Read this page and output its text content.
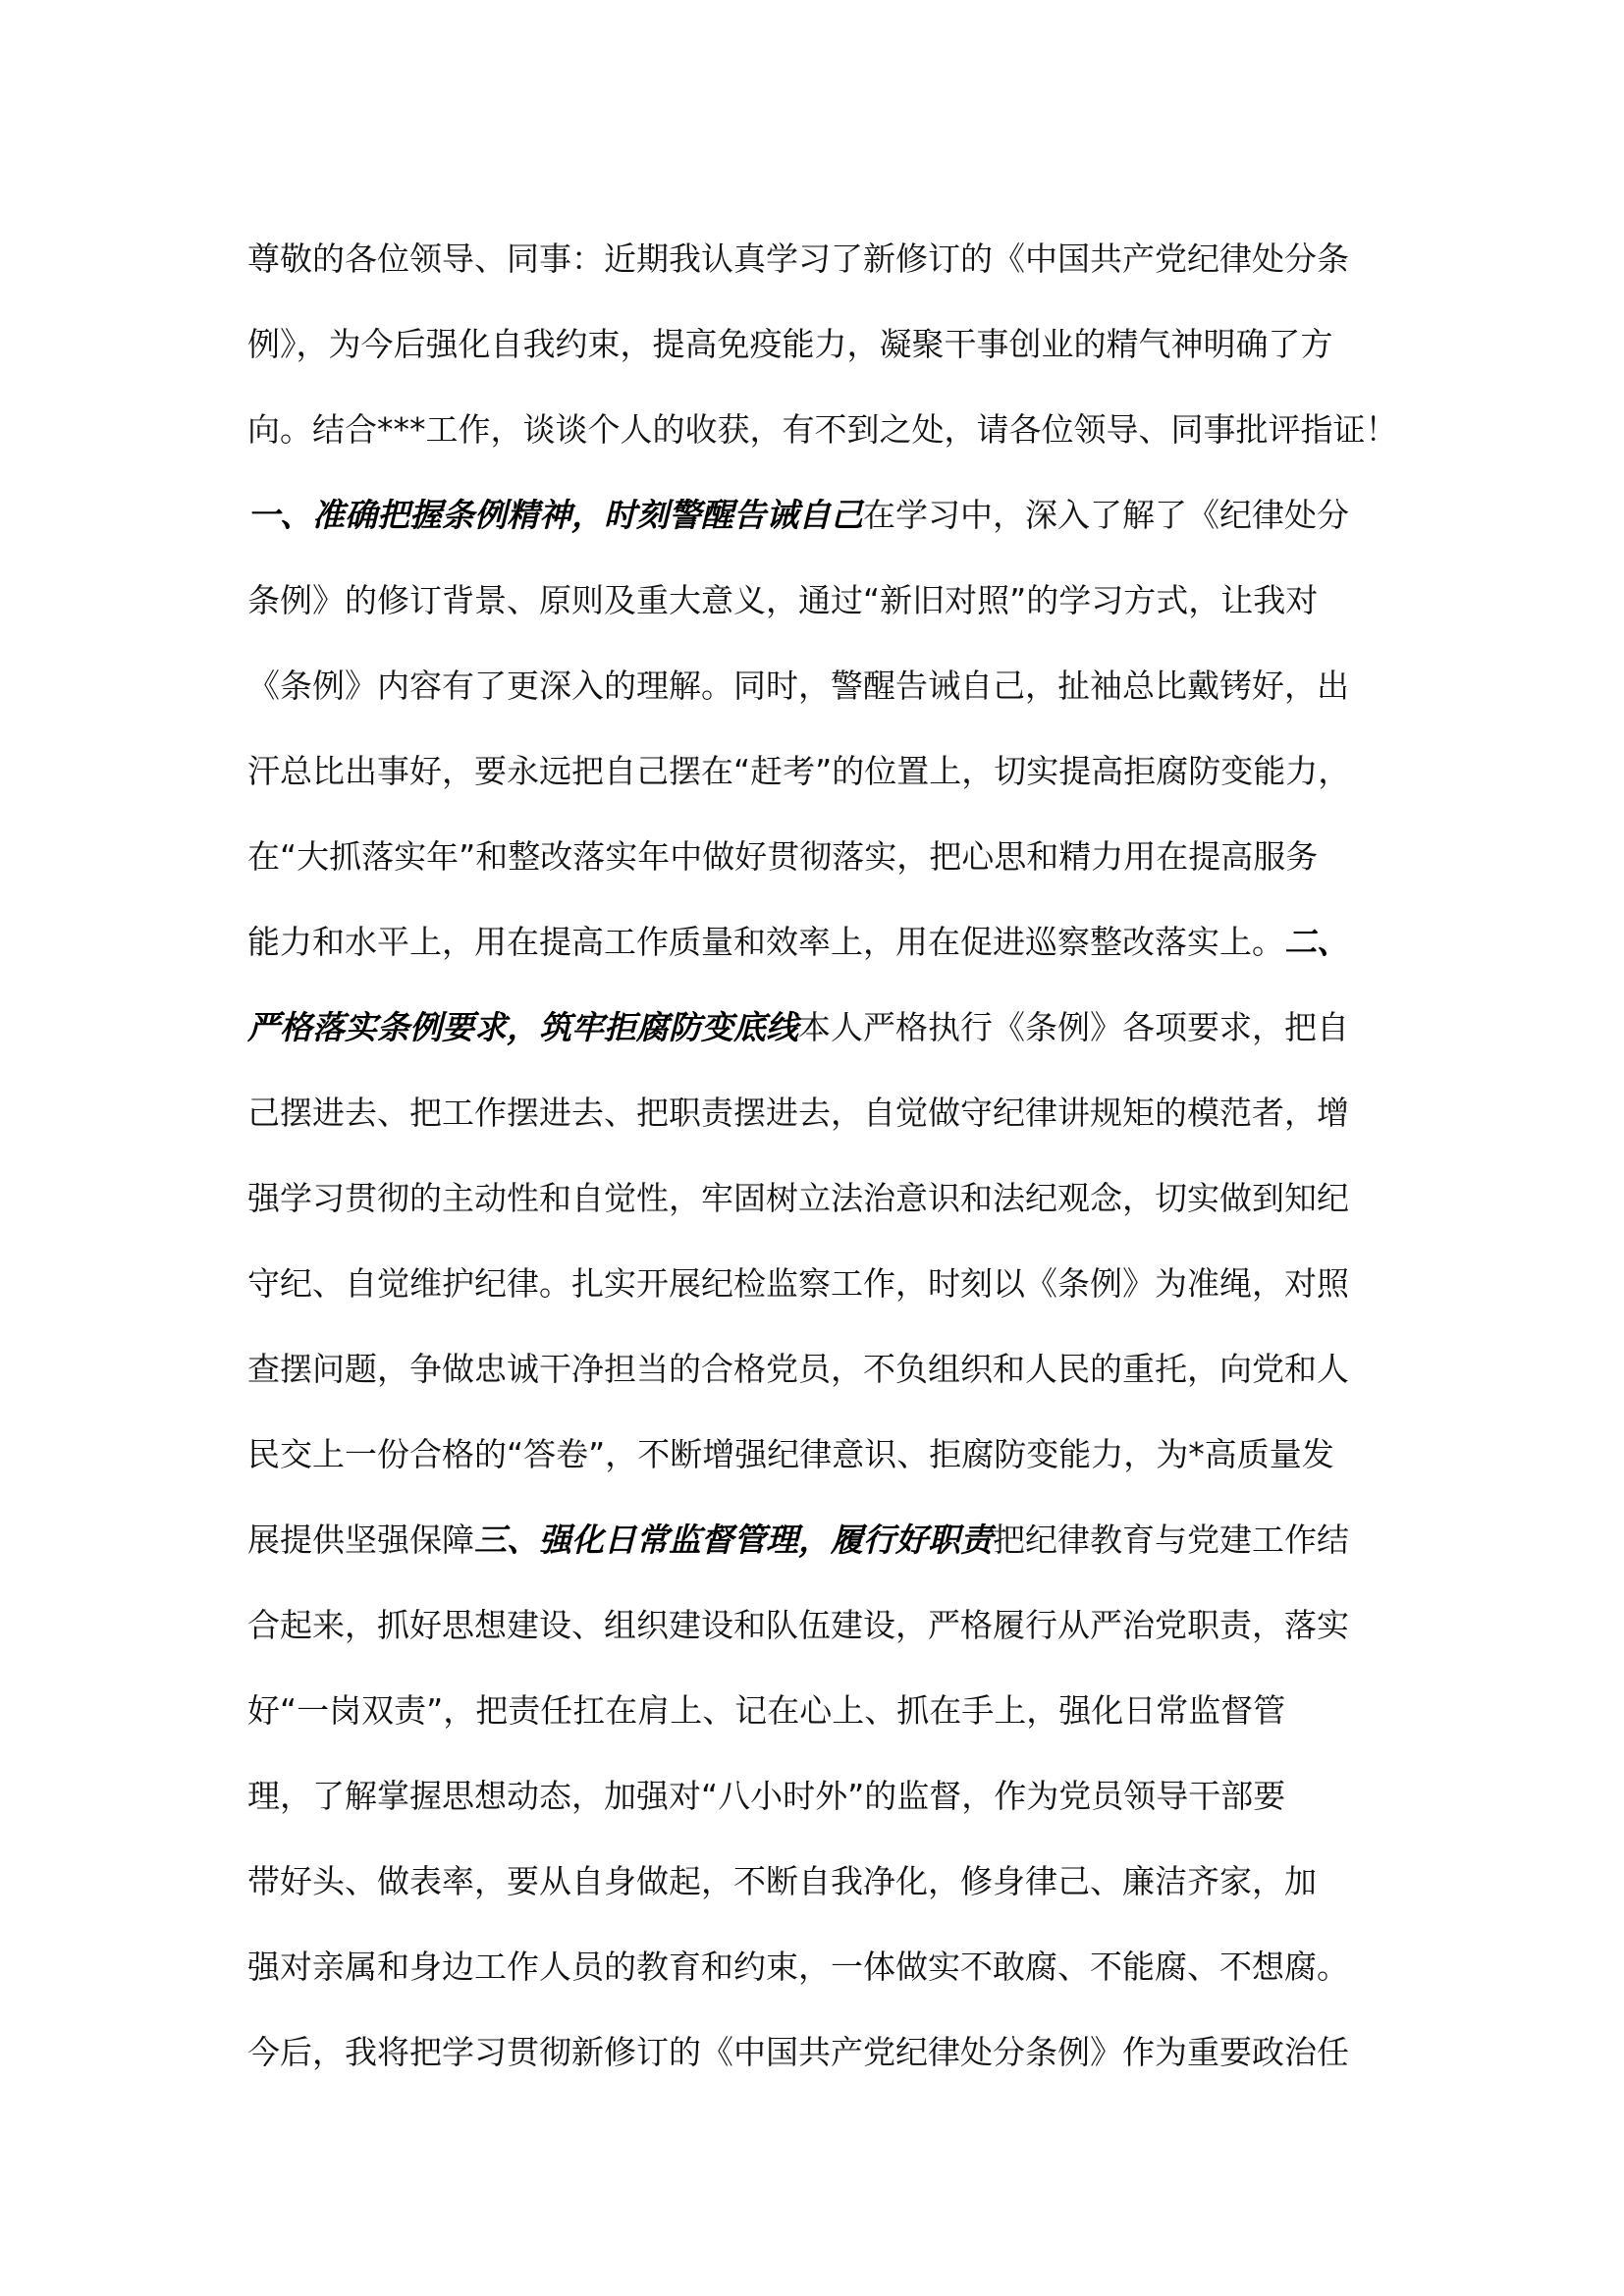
尊敬的各位领导、同事：近期我认真学习了新修订的《中国共产党纪律处分条
例》，为今后强化自我约束，提高免疫能力，凝聚干事创业的精气神明确了方
向。结合***工作，谈谈个人的收获，有不到之处，请各位领导、同事批评指证！
一、准确把握条例精神，时刻警醒告诫自己在学习中，深入了解了《纪律处分
条例》的修订背景、原则及重大意义，通过“新旧对照”的学习方式，让我对
《条例》内容有了更深入的理解。同时，警醒告诫自己，扯袖总比戴铐好，出
汗总比出事好，要永远把自己摆在“赶考”的位置上，切实提高拒腐防变能力，
在“大抓落实年”和整改落实年中做好贯彻落实，把心思和精力用在提高服务
能力和水平上，用在提高工作质量和效率上，用在促进巡察整改落实上。二、
严格落实条例要求，筑牢拒腐防变底线本人严格执行《条例》各项要求，把自
己摆进去、把工作摆进去、把职责摆进去，自觉做守纪律讲规矩的模范者，增
强学习贯彻的主动性和自觉性，牢固树立法治意识和法纪观念，切实做到知纪
守纪、自觉维护纪律。扎实开展纪检监察工作，时刻以《条例》为准绳，对照
查摆问题，争做忠诚干净担当的合格党员，不负组织和人民的重托，向党和人
民交上一份合格的“答卷”，不断增强纪律意识、拒腐防变能力，为*高质量发
展提供坚强保障三、强化日常监督管理，履行好职责把纪律教育与党建工作结
合起来，抓好思想建设、组织建设和队伍建设，严格履行从严治党职责，落实
好“一岗双责”，把责任扛在肩上、记在心上、抓在手上，强化日常监督管
理，了解掌握思想动态，加强对“八小时外”的监督，作为党员领导干部要
带好头、做表率，要从自身做起，不断自我净化，修身律己、廉洁齐家，加
强对亲属和身边工作人员的教育和约束，一体做实不敢腐、不能腐、不想腐。
今后，我将把学习贯彻新修订的《中国共产党纪律处分条例》作为重要政治任
